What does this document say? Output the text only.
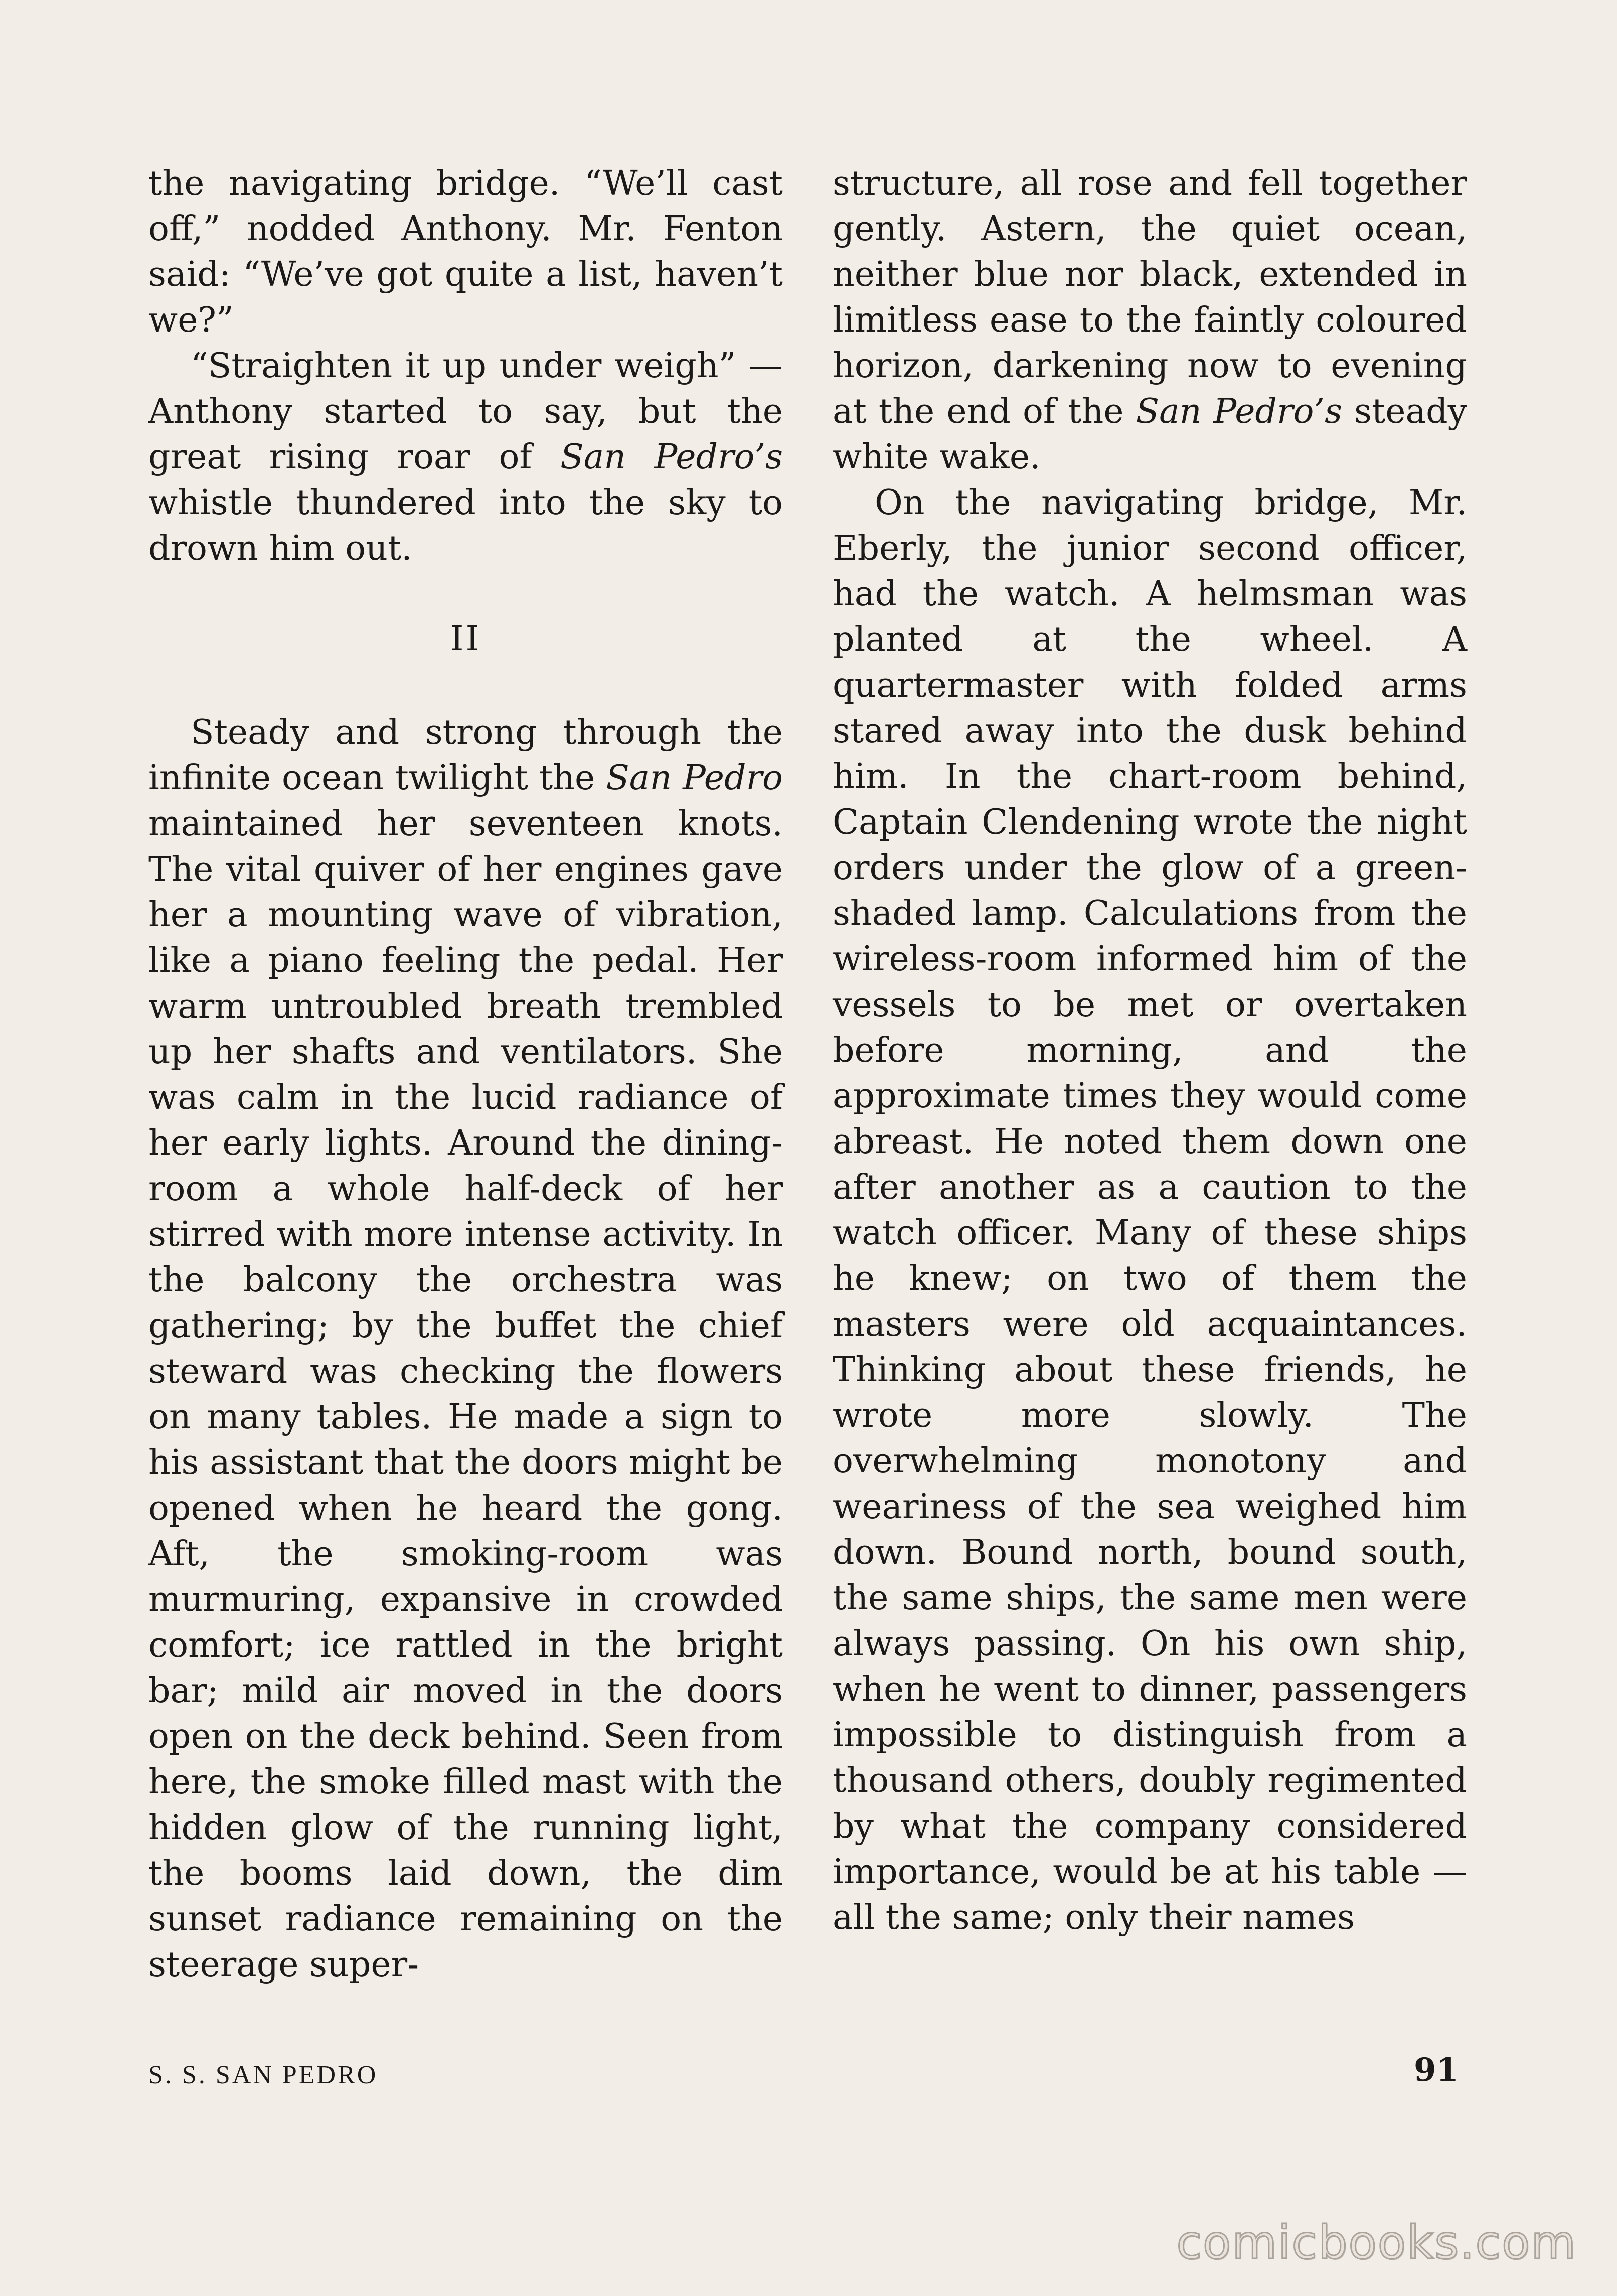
the navigating bridge. “We’ll cast off,” nodded Anthony. Mr. Fenton said: “We’ve got quite a list, haven’t we?”

“Straighten it up under weigh” — Anthony started to say, but the great rising roar of San Pedro’s whistle thundered into the sky to drown him out.

II

Steady and strong through the infinite ocean twilight the San Pedro maintained her seventeen knots. The vital quiver of her engines gave her a mounting wave of vibration, like a piano feeling the pedal. Her warm untroubled breath trembled up her shafts and ventilators. She was calm in the lucid radiance of her early lights. Around the dining-room a whole half-deck of her stirred with more intense activity. In the balcony the orchestra was gathering; by the buffet the chief steward was checking the flowers on many tables. He made a sign to his assistant that the doors might be opened when he heard the gong. Aft, the smoking-room was murmuring, expansive in crowded comfort; ice rattled in the bright bar; mild air moved in the doors open on the deck behind. Seen from here, the smoke filled mast with the hidden glow of the running light, the booms laid down, the dim sunset radiance remaining on the steerage super-

structure, all rose and fell together gently. Astern, the quiet ocean, neither blue nor black, extended in limitless ease to the faintly coloured horizon, darkening now to evening at the end of the San Pedro’s steady white wake.

On the navigating bridge, Mr. Eberly, the junior second officer, had the watch. A helmsman was planted at the wheel. A quartermaster with folded arms stared away into the dusk behind him. In the chart-room behind, Captain Clendening wrote the night orders under the glow of a green-shaded lamp. Calculations from the wireless-room informed him of the vessels to be met or overtaken before morning, and the approximate times they would come abreast. He noted them down one after another as a caution to the watch officer. Many of these ships he knew; on two of them the masters were old acquaintances. Thinking about these friends, he wrote more slowly. The overwhelming monotony and weariness of the sea weighed him down. Bound north, bound south, the same ships, the same men were always passing. On his own ship, when he went to dinner, passengers impossible to distinguish from a thousand others, doubly regimented by what the company considered importance, would be at his table — all the same; only their names

S. S. SAN PEDRO	91
comicbooks.com
